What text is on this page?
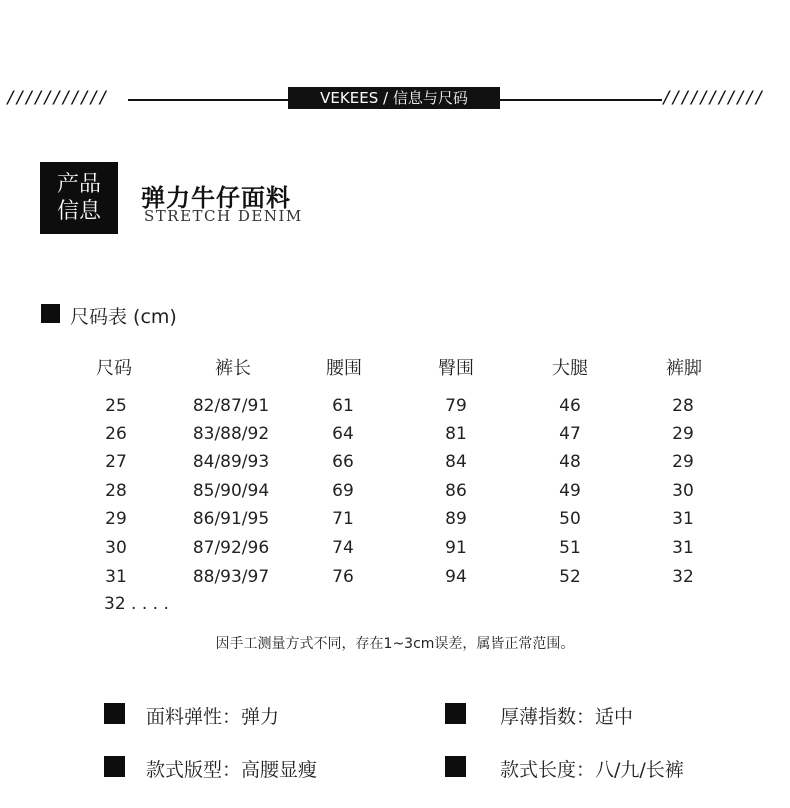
///////////	VEKEES / 信息与尺码	///////////
产品
信息	弹力牛仔面料
STRETCH DENIM
尺码表 (cm)
尺码	裤长	腰围	臀围	大腿	裤脚
25	82/87/91	61	79	46	28
26	83/88/92	64	81	47	29
27	84/89/93	66	84	48	29
28	85/90/94	69	86	49	30
29	86/91/95	71	89	50	31
30	87/92/96	74	91	51	31
31	88/93/97	76	94	52	32
32 . . . .
因手工测量方式不同，存在1~3cm误差，属皆正常范围。
面料弹性：弹力	厚薄指数：适中
款式版型：高腰显瘦	款式长度：八/九/长裤
